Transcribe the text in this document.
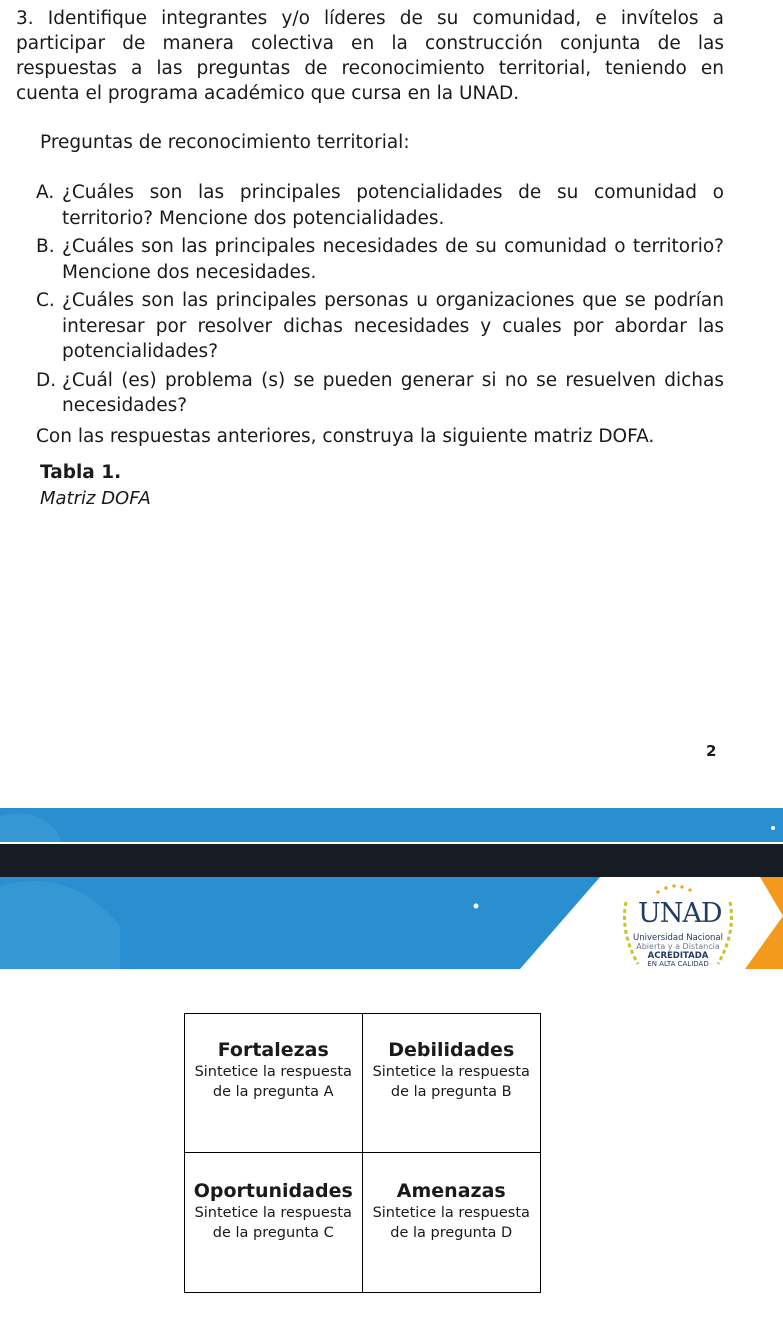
3. Identifique integrantes y/o líderes de su comunidad, e invítelos a participar de manera colectiva en la construcción conjunta de las respuestas a las preguntas de reconocimiento territorial, teniendo en cuenta el programa académico que cursa en la UNAD.
Preguntas de reconocimiento territorial:
A. ¿Cuáles son las principales potencialidades de su comunidad o territorio? Mencione dos potencialidades.
B. ¿Cuáles son las principales necesidades de su comunidad o territorio? Mencione dos necesidades.
C. ¿Cuáles son las principales personas u organizaciones que se podrían interesar por resolver dichas necesidades y cuales por abordar las potencialidades?
D. ¿Cuál (es) problema (s) se pueden generar si no se resuelven dichas necesidades?
Con las respuestas anteriores, construya la siguiente matriz DOFA.
Tabla 1.
Matriz DOFA
2
UNAD
Universidad Nacional
Abierta y a Distancia
ACREDITADA
EN ALTA CALIDAD
Fortalezas
Sintetice la respuesta de la pregunta A
Debilidades
Sintetice la respuesta de la pregunta B
Oportunidades
Sintetice la respuesta de la pregunta C
Amenazas
Sintetice la respuesta de la pregunta D
